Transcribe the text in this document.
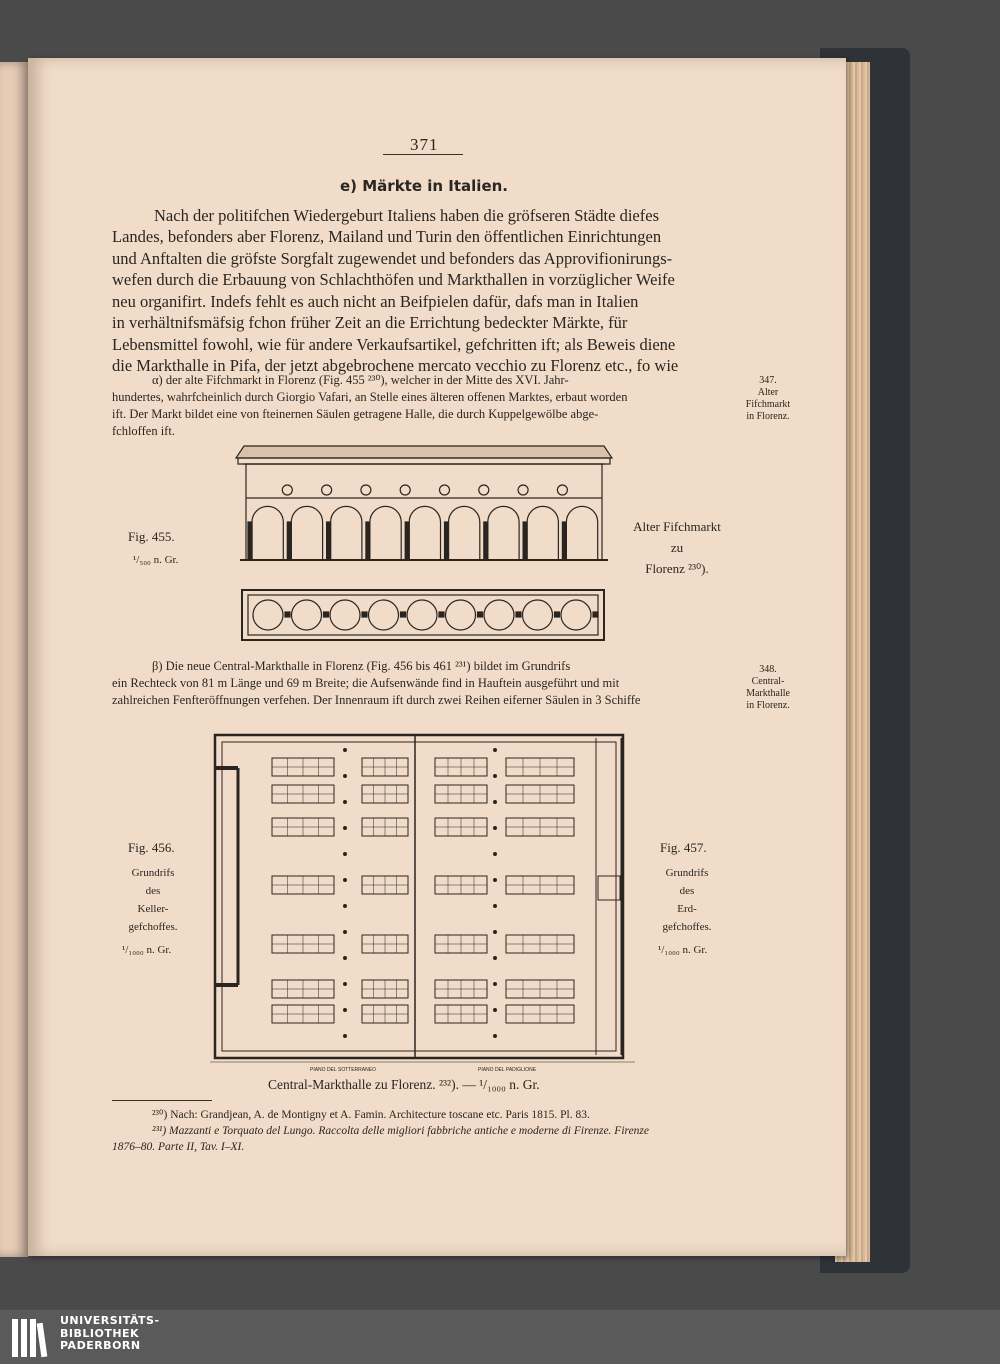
371
e) Märkte in Italien.
Nach der politifchen Wiedergeburt Italiens haben die gröfseren Städte diefes
Landes, befonders aber Florenz, Mailand und Turin den öffentlichen Einrichtungen
und Anftalten die gröfste Sorgfalt zugewendet und befonders das Approvifionirungs-
wefen durch die Erbauung von Schlachthöfen und Markthallen in vorzüglicher Weife
neu organifirt. Indefs fehlt es auch nicht an Beifpielen dafür, dafs man in Italien
in verhältnifsmäfsig fchon früher Zeit an die Errichtung bedeckter Märkte, für
Lebensmittel fowohl, wie für andere Verkaufsartikel, gefchritten ift; als Beweis diene
die Markthalle in Pifa, der jetzt abgebrochene mercato vecchio zu Florenz etc., fo wie
α) der alte Fifchmarkt in Florenz (Fig. 455 ²³⁰), welcher in der Mitte des XVI. Jahr-
hundertes, wahrfcheinlich durch Giorgio Vafari, an Stelle eines älteren offenen Marktes, erbaut worden
ift. Der Markt bildet eine von fteinernen Säulen getragene Halle, die durch Kuppelgewölbe abge-
fchloffen ift.
347.
Alter
Fifchmarkt
in Florenz.
Fig. 455.
¹/₅₀₀ n. Gr.
Alter Fifchmarkt
zu
Florenz ²³⁰).
β) Die neue Central-Markthalle in Florenz (Fig. 456 bis 461 ²³¹) bildet im Grundrifs
ein Rechteck von 81 m Länge und 69 m Breite; die Aufsenwände find in Hauftein ausgeführt und mit
zahlreichen Fenfteröffnungen verfehen. Der Innenraum ift durch zwei Reihen eiferner Säulen in 3 Schiffe
348.
Central-
Markthalle
in Florenz.
PIANO DEL SOTTERRANEO	PIANO DEL PADIGLIONE
Fig. 456.
Grundrifs
des
Keller-
gefchoffes.
¹/₁₀₀₀ n. Gr.
Fig. 457.
Grundrifs
des
Erd-
gefchoffes.
¹/₁₀₀₀ n. Gr.
Central-Markthalle zu Florenz. ²³²). — ¹/₁₀₀₀ n. Gr.
²³⁰) Nach: Grandjean, A. de Montigny et A. Famin. Architecture toscane etc. Paris 1815. Pl. 83.
²³¹) Mazzanti e Torquato del Lungo. Raccolta delle migliori fabbriche antiche e moderne di Firenze. Firenze
1876–80. Parte II, Tav. I–XI.
UNIVERSITÄTS-
BIBLIOTHEK
PADERBORN
